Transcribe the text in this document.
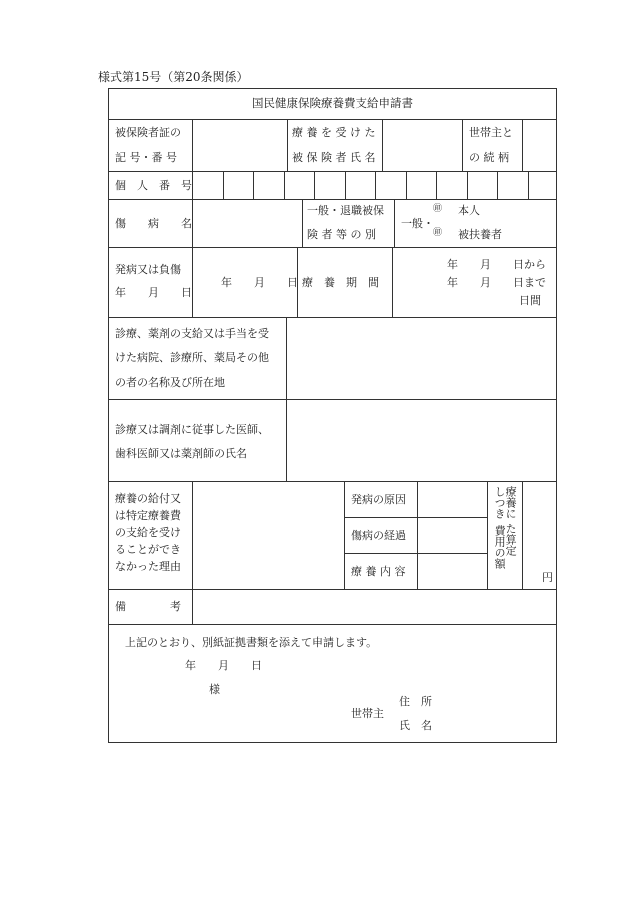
様式第15号（第20条関係）
国民健康保険療養費支給申請書
被保険者証の
記 号・番 号
療 養 を 受 け た
被 保 険 者 氏 名
世帯主と
の 続 柄
個　人　番　号
傷　　病　　名
一般・退職被保
険 者 等 の 別
一般・
㊞ 本人
㊞ 被扶養者
発病又は負傷
年　　月　　日
年　　月　　日 療　養　期　間
年　　月　　日から
年　　月　　日まで
日間
診療、薬剤の支給又は手当を受
けた病院、診療所、薬局その他
の者の名称及び所在地
診療又は調剤に従事した医師、
歯科医師又は薬剤師の氏名
療養の給付又
は特定療養費
の支給を受け
ることができ
なかった理由
発病の原因
傷病の経過
療 養 内 容
療養に
しつき
た算定
費用の額
円
備　　　　考
上記のとおり、別紙証拠書類を添えて申請します。
年　　月　　日
様
世帯主
住　所
氏　名
